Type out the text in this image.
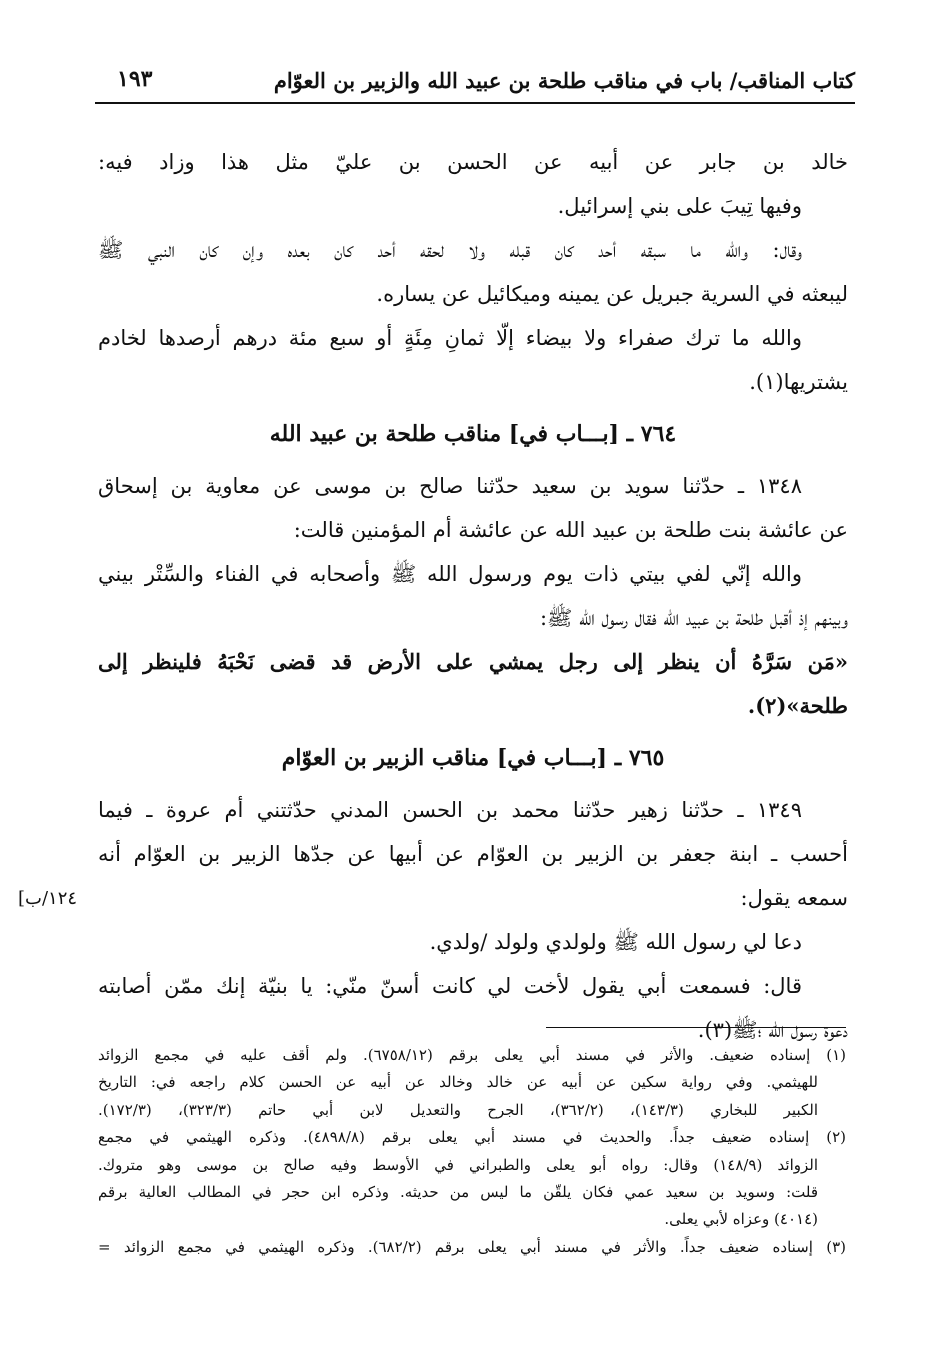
كتاب المناقب/ باب في مناقب طلحة بن عبيد الله والزبير بن العوّام
١٩٣
[١٢٤/ب

خالد بن جابر عن أبيه عن الحسن بن عليّ مثل هذا وزاد فيه:

وفيها تِيبَ على بني إسرائيل.

وقال: والله ما سبقه أحد كان قبله ولا لحقه أحد كان بعده وإن كان النبي ﷺ

ليبعثه في السرية جبريل عن يمينه وميكائيل عن يساره.

والله ما ترك صفراء ولا بيضاء إلّا ثمانِ مِئَةٍ أو سبع مئة درهم أرصدها لخادم

يشتريها(١).

٧٦٤ ـ [بـــاب في] مناقب طلحة بن عبيد الله

١٣٤٨ ـ حدّثنا سويد بن سعيد حدّثنا صالح بن موسى عن معاوية بن إسحاق

عن عائشة بنت طلحة بن عبيد الله عن عائشة أم المؤمنين قالت:

والله إنّي لفي بيتي ذات يوم ورسول الله ﷺ وأصحابه في الفناء والسِّتْر بيني

وبينهم إذ أقبل طلحة بن عبيد الله فقال رسول الله ﷺ:

«مَن سَرَّهُ أن ينظر إلى رجل يمشي على الأرض قد قضى نَحْبَهُ فلينظر إلى

طلحة»(٢).

٧٦٥ ـ [بـــاب في] مناقب الزبير بن العوّام

١٣٤٩ ـ حدّثنا زهير حدّثنا محمد بن الحسن المدني حدّثتني أم عروة ـ فيما

أحسب ـ ابنة جعفر بن الزبير بن العوّام عن أبيها عن جدّها الزبير بن العوّام أنه

سمعه يقول:

دعا لي رسول الله ﷺ ولولدي ولولد /ولدي.

قال: فسمعت أبي يقول لأخت لي كانت أسنّ منّي: يا بنيّة إنك ممّن أصابته

دعوة رسول الله ؛ﷺ(٣).

(١) إسناده ضعيف. والأثر في مسند أبي يعلى برقم (٦٧٥٨/١٢). ولم أقف عليه في مجمع الزوائد

للهيثمي. وفي رواية سكين عن أبيه عن خالد وخالد عن أبيه عن الحسن كلام راجعه في: التاريخ

الكبير للبخاري (١٤٣/٣)، (٣٦٢/٢)، الجرح والتعديل لابن أبي حاتم (٣٢٣/٣)، (١٧٢/٣).

(٢) إسناده ضعيف جداً. والحديث في مسند أبي يعلى برقم (٤٨٩٨/٨). وذكره الهيثمي في مجمع

الزوائد (١٤٨/٩) وقال: رواه أبو يعلى والطبراني في الأوسط وفيه صالح بن موسى وهو متروك.

قلت: وسويد بن سعيد عمي فكان يلقّن ما ليس من حديثه. وذكره ابن حجر في المطالب العالية برقم

(٤٠١٤) وعزاه لأبي يعلى.

(٣) إسناده ضعيف جداً. والأثر في مسند أبي يعلى برقم (٦٨٢/٢). وذكره الهيثمي في مجمع الزوائد =
